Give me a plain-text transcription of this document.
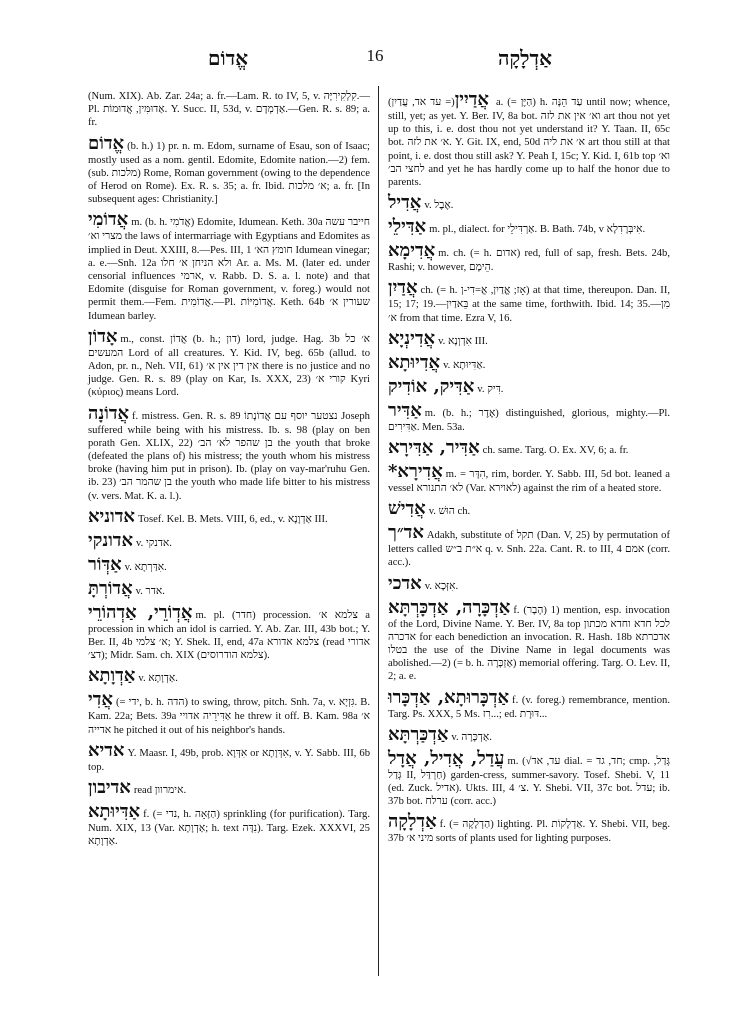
אֱדוֹם	16	אַדְלָקָה
(Num. XIX). Ab. Zar. 24a; a. fr.—Lam. R. to IV, 5, v. קִלְקִירִיָּה.—Pl. אַדוּמִּין, אֲדוּמוֹת. Y. Succ. II, 53d, v. אַדְמְדָם.—Gen. R. s. 89; a. fr.
אֱדוֹם (b. h.) 1) pr. n. m. Edom, surname of Esau, son of Isaac; mostly used as a nom. gentil. Edomite, Edomite nation.—2) fem. (sub. מלכות) Rome, Roman government (owing to the dependence of Herod on Rome). Ex. R. s. 35; a. fr. Ibid. א׳ מלכות; a. fr. [In subsequent ages: Christianity.]
אֲדוֹמִי m. (b. h. אֲדֹמִי) Edomite, Idumean. Keth. 30a חייבר עשה מצרי וא׳ the laws of intermarriage with Egyptians and Edomites as implied in Deut. XXIII, 8.—Pes. III, 1 חומץ הא׳ Idumean vinegar; a. e.—Snh. 12a ולא הניחן א׳ חלו Ar. a. Ms. M. (later ed. under censorial influences ארמי, v. Rabb. D. S. a. l. note) and that Edomite (disguise for Roman government, v. foreg.) would not permit them.—Fem. אֲדוֹמִית.—Pl. אֲדוֹמִיּוֹת. Keth. 64b שעורין א׳ Idumean barley.
אָדוֹן m., const. אֲדוֹן (b. h.; דון) lord, judge. Hag. 3b א׳ כל המעשים Lord of all creatures. Y. Kid. IV, beg. 65b (allud. to Adon, pr. n., Neh. VII, 61) אין דין אין א׳ there is no justice and no judge. Gen. R. s. 89 (play on Kar, Is. XXX, 23) קורי א׳ Kyri (κύριος) means Lord.
אֲדוֹנָה f. mistress. Gen. R. s. 89 נצטער יוסף עם אֲדוֹנָתוֹ Joseph suffered while being with his mistress. Ib. s. 98 (play on ben porath Gen. XLIX, 22) בן שהפר לא׳ הב׳ the youth that broke (defeated the plans of) his mistress; the youth whom his mistress broke (having him put in prison). Ib. (play on vay-mar'ruhu Gen. ib. 23) בן שהמר הב׳ the youth who made life bitter to his mistress (v. vers. Mat. K. a. l.).
אדוניא Tosef. Kel. B. Mets. VIII, 6, ed., v. אַדְוָנָא III.
אדונקי v. אדנקי.
אַדְּוֹר v. אִדַּרְתָא.
אֲדוֹרְתָּ v. אדר.
אֲדְוֹרֵי, אַדְהוֹרֵי m. pl. (חדר) procession. צלמא א׳ a procession in which an idol is carried. Y. Ab. Zar. III, 43b bot.; Y. Ber. II, 4b א׳ צלמי; Y. Shek. II, end, 47a צלמא אדורא (read אדורי דצ׳); Midr. Sam. ch. XIX (צלמא הודרוסים).
אַדְוָתָא v. אַדְוָתָא.
אֲדִי (= ידי, b. h. הדה) to swing, throw, pitch. Snh. 7a, v. גִּזְיָא. B. Kam. 22a; Bets. 39a אַדִּירֵיה אדויי he threw it off. B. Kam. 98a א׳ אדייה he pitched it out of his neighbor's hands.
אדיא Y. Maasr. I, 49b, prob. אִדְּוָא or אִדְּוָתָא, v. Y. Sabb. III, 6b top.
אדיבון read אימרוון.
אַדִּיוּתָא f. (= נדי, h. הַזָּאָה) sprinkling (for purification). Targ. Num. XIX, 13 (Var. אַדְוָתָא; h. text נִדָּה). Targ. Ezek. XXXVI, 25 אַדְוָתָא.
אֲדַיִין(= עד אד, עֲדַיִן) a. (= הַיֶּן) h. עַד הֵנָּה until now; whence, still, yet; as yet. Y. Ber. IV, 8a bot. וא׳ אין את לזה art thou not yet up to this, i. e. dost thou not yet understand it? Y. Taan. II, 65c bot. א׳ את לזה. Y. Git. IX, end, 50d א׳ את ליה art thou still at that point, i. e. dost thou still ask? Y. Peah I, 15c; Y. Kid. I, 61b top וא׳ לחצי הב׳ and yet he has hardly come up to half the honor due to parents.
אֲדִיל v. אֶבֶל.
אַדִּילֵי m. pl., dialect. for אַרְדִּילֵי. B. Bath. 74b, v אִיבְּרָדִלָא.
אֲדִימָא m. ch. (= h. אדום) red, full of sap, fresh. Bets. 24b, Rashi; v. however, הֵימָם.
אֲדַיִן ch. (= h. אָז; אֱדַיִן, אֲ=דִי-ן) at that time, thereupon. Dan. II, 15; 17; 19.—בֵּאדַיִן at the same time, forthwith. Ibid. 14; 35.—מִן א׳ from that time. Ezra V, 16.
אֲדִינְיָא v. אִדְוְנָא III.
אֲדִיוּתָא v. אַדִּיוּתָא.
אַדִּיק, אוֹדִיק v. דִּיק.
אַדִּיר m. (b. h.; אֶדֶר) distinguished, glorious, mighty.—Pl. אַדִּירִים. Men. 53a.
אַדִּיר, אַדִּירָא ch. same. Targ. O. Ex. XV, 6; a. fr.
*אֲדִירָא m. = הִדָּר, rim, border. Y. Sabb. III, 5d bot. leaned a vessel לא׳ התנורא (Var. לאוירא) against the rim of a heated store.
אֲדִישׁ v. הוּשׁ ch.
אד״ך Adakh, substitute of תקל (Dan. V, 25) by permutation of letters called א״ת ב״ש q. v. Snh. 22a. Cant. R. to III, 4 אמם (corr. acc.).
אדכי v. אִזְּכָא.
אַדְכָּרָה, אַדְכָּרְתָּא f. (הָבָר) 1) mention, esp. invocation of the Lord, Divine Name. Y. Ber. IV, 8a top לכל חדא וחדא מכתון אדכרה for each benediction an invocation. R. Hash. 18b אדכרתא בטלו the use of the Divine Name in legal documents was abolished.—2) (= b. h. אַזְכָּרָה) memorial offering. Targ. O. Lev. II, 2; a. e.
אַדְכָּרוּתָא, אַדְכָּרוּ f. (v. foreg.) remembrance, mention. Targ. Ps. XXX, 5 Ms. רִז...; ed. דּוּרָת...
אַדְכַּרְתָּא v. אַדְכָּרָה.
עֲדַל, אֲדִיל, אֲדָל m. (√עד, אד dial. = חד, גד; cmp. גְּדַל, גְּדַל II, חַרְדַּל) garden-cress, summer-savory. Tosef. Shebi. V, 11 (ed. Zuck. אדיל). Ukts. III, 4 צ׳. Y. Shebi. VII, 37c bot. עדל; ib. 37b bot. ערלח (corr. acc.)
אַדְלָקָה f. (= הַדְלָקָה) lighting. Pl. אַדְלָקוֹת. Y. Shebi. VII, beg. 37b מיני א׳ sorts of plants used for lighting purposes.
